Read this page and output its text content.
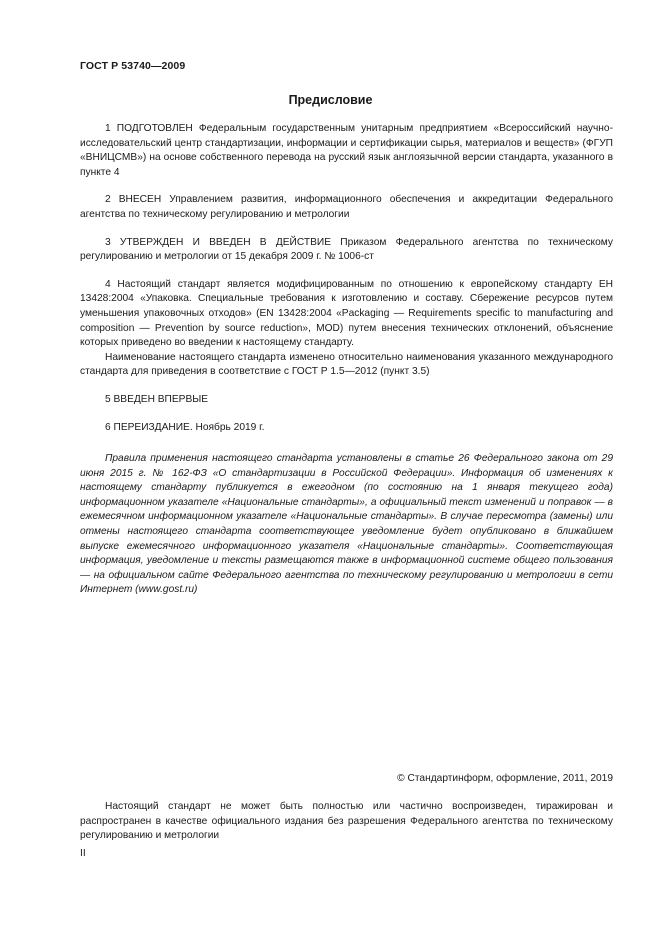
ГОСТ Р 53740—2009
Предисловие

1 ПОДГОТОВЛЕН Федеральным государственным унитарным предприятием «Всероссийский научно-исследовательский центр стандартизации, информации и сертификации сырья, материалов и веществ» (ФГУП «ВНИЦСМВ») на основе собственного перевода на русский язык англоязычной версии стандарта, указанного в пункте 4

2 ВНЕСЕН Управлением развития, информационного обеспечения и аккредитации Федерального агентства по техническому регулированию и метрологии

3 УТВЕРЖДЕН И ВВЕДЕН В ДЕЙСТВИЕ Приказом Федерального агентства по техническому регулированию и метрологии от 15 декабря 2009 г. № 1006-ст

4 Настоящий стандарт является модифицированным по отношению к европейскому стандарту ЕН 13428:2004 «Упаковка. Специальные требования к изготовлению и составу. Сбережение ресурсов путем уменьшения упаковочных отходов» (EN 13428:2004 «Packaging — Requirements specific to manufacturing and composition — Prevention by source reduction», MOD) путем внесения технических отклонений, объяснение которых приведено во введении к настоящему стандарту.

Наименование настоящего стандарта изменено относительно наименования указанного международного стандарта для приведения в соответствие с ГОСТ Р 1.5—2012 (пункт 3.5)

5 ВВЕДЕН ВПЕРВЫЕ

6 ПЕРЕИЗДАНИЕ. Ноябрь 2019 г.

Правила применения настоящего стандарта установлены в статье 26 Федерального закона от 29 июня 2015 г. № 162-ФЗ «О стандартизации в Российской Федерации». Информация об изменениях к настоящему стандарту публикуется в ежегодном (по состоянию на 1 января текущего года) информационном указателе «Национальные стандарты», а официальный текст изменений и поправок — в ежемесячном информационном указателе «Национальные стандарты». В случае пересмотра (замены) или отмены настоящего стандарта соответствующее уведомление будет опубликовано в ближайшем выпуске ежемесячного информационного указателя «Национальные стандарты». Соответствующая информация, уведомление и тексты размещаются также в информационной системе общего пользования — на официальном сайте Федерального агентства по техническому регулированию и метрологии в сети Интернет (www.gost.ru)

© Стандартинформ, оформление, 2011, 2019

Настоящий стандарт не может быть полностью или частично воспроизведен, тиражирован и распространен в качестве официального издания без разрешения Федерального агентства по техническому регулированию и метрологии

II
